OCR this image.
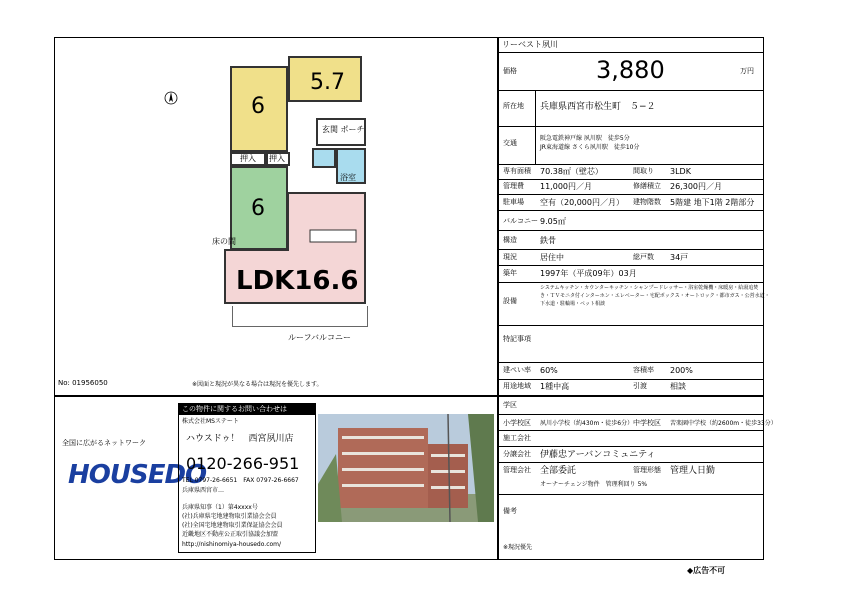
6
5.7
玄関 ポーチ
押入 押入
6
床の間
浴室
LDK16.6
ルーフバルコニー
No: 01956050	※図面と現況が異なる場合は現況を優先します。
リーベスト夙川
価格	3,880	万円
所在地 兵庫県西宮市松生町　５−２
交通
阪急電鉄神戸線 夙川駅　徒歩5分
JR東海道線 さくら夙川駅　徒歩10分
専有面積 70.38㎡（壁芯）	間取り 3LDK
管理費 11,000円／月	修繕積立 26,300円／月
駐車場 空有（20,000円／月） 建物階数 5階建 地下1階 2階部分
バルコニー 9.05㎡
構造	鉄骨
現況	居住中	総戸数 34戸
築年	1997年（平成09年）03月
設備
システムキッチン・カウンターキッチン・シャンプードレッサー・浴室乾燥機・床暖房・給湯追焚
き・ＴＶモニタ付インターホン・エレベーター・宅配ボックス・オートロック・都市ガス・公営水道・
下水道・駐輪場・ペット相談
特記事項
建ぺい率 60%	容積率 200%
用途地域 1種中高	引渡	相談
学区
小学校区 夙川小学校（約430m・徒歩6分） 中学校区 苦楽園中学校（約2600m・徒歩33分）
施工会社
分譲会社 伊藤忠アーバンコミュニティ
管理会社 全部委託	管理形態 管理人日勤
オーナーチェンジ物件　管理利回り 5%
備考
※現況優先
◆広告不可
全国に広がるネットワーク
HOUSEDO
この物件に関するお問い合わせは
株式会社MSステート
ハウスドゥ！　西宮夙川店
0120-266-951
TEL 0797-26-6651　FAX 0797-26-6667
兵庫県西宮市…
兵庫県知事（1）第4xxxx号
(社)兵庫県宅地建物取引業協会会員
(社)全国宅地建物取引業保証協会会員
近畿地区不動産公正取引協議会加盟
http://nishinomiya-housedo.com/
